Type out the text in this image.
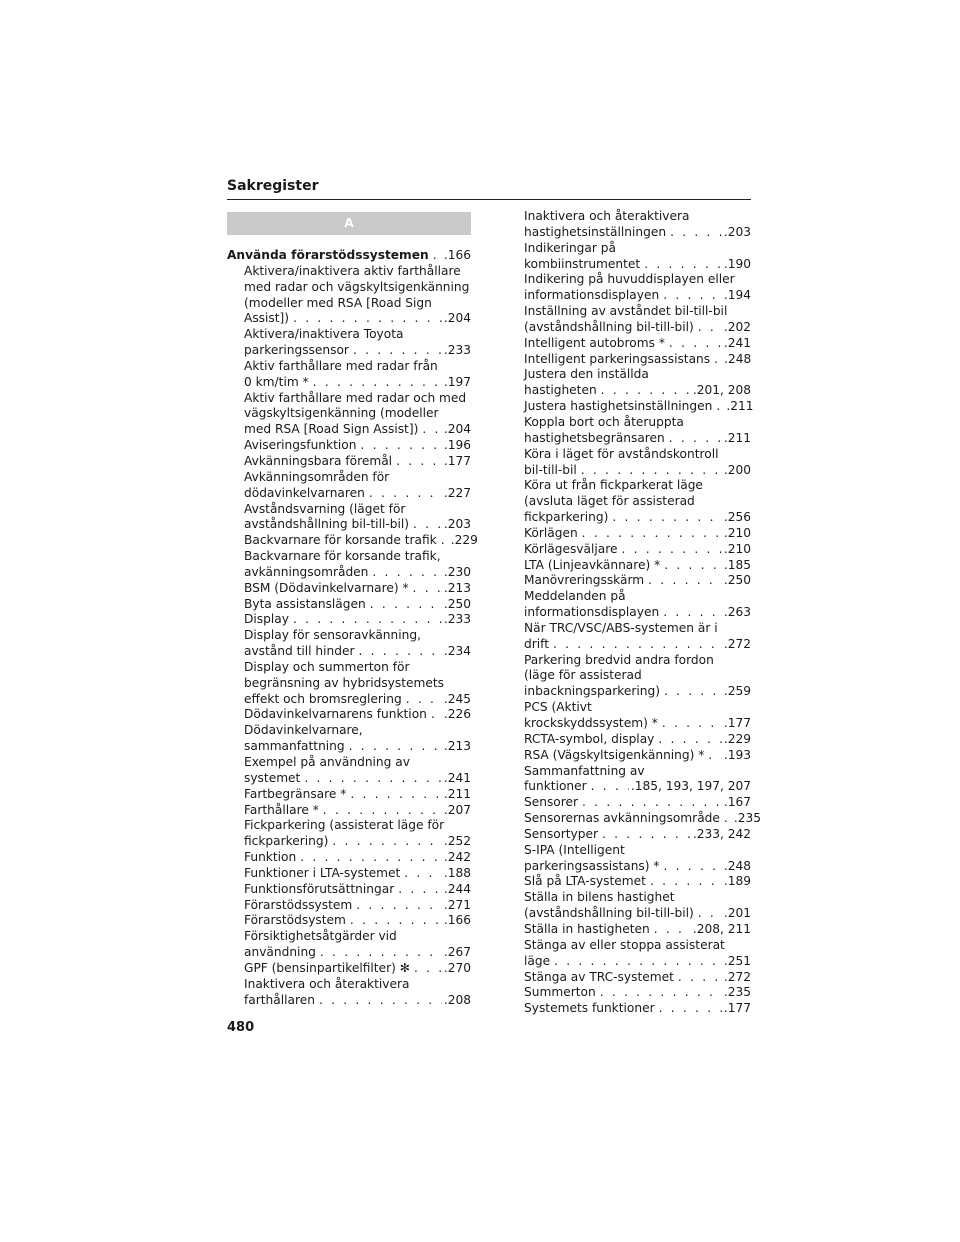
Sakregister
A
Använda förarstödssystemen . . . .166
Aktivera/inaktivera aktiv farthållare
med radar och vägskyltsigenkänning
(modeller med RSA [Road Sign
Assist]) . . .	.204
Aktivera/inaktivera Toyota
parkeringssensor . . .	.233
Aktiv farthållare med radar från
0 km/tim * . . .	.197
Aktiv farthållare med radar och med
vägskyltsigenkänning (modeller
med RSA [Road Sign Assist]) . . . .204
Aviseringsfunktion . . .	.196
Avkänningsbara föremål . . .	.177
Avkänningsområden för
dödavinkelvarnaren . . .	.227
Avståndsvarning (läget för
avståndshållning bil-till-bil) . . .	.203
Backvarnare för korsande trafik . . . .229
Backvarnare för korsande trafik,
avkänningsområden . . .	.230
BSM (Dödavinkelvarnare) * . . .	.213
Byta assistanslägen . . .	.250
Display . . .	.233
Display för sensoravkänning,
avstånd till hinder . . .	.234
Display och summerton för
begränsning av hybridsystemets
effekt och bromsreglering . . .	.245
Dödavinkelvarnarens funktion . . . .226
Dödavinkelvarnare,
sammanfattning . . .	.213
Exempel på användning av
systemet . . .	.241
Fartbegränsare * . . .	.211
Farthållare * . . .	.207
Fickparkering (assisterat läge för
fickparkering) . . .	.252
Funktion . . .	.242
Funktioner i LTA-systemet . . .	.188
Funktionsförutsättningar . . .	.244
Förarstödssystem . . .	.271
Förarstödsystem . . .	.166
Försiktighetsåtgärder vid
användning . . .	.267
GPF (bensinpartikelfilter) ✻ . . .	.270
Inaktivera och återaktivera
farthållaren . . .	.208
Inaktivera och återaktivera
hastighetsinställningen . . .	.203
Indikeringar på
kombiinstrumentet . . .	.190
Indikering på huvuddisplayen eller
informationsdisplayen . . .	.194
Inställning av avståndet bil-till-bil
(avståndshållning bil-till-bil) . . . .202
Intelligent autobroms * . . .	.241
Intelligent parkeringsassistans . . . .248
Justera den inställda
hastigheten . . .	.201, 208
Justera hastighetsinställningen . . . .211
Koppla bort och återuppta
hastighetsbegränsaren . . .	.211
Köra i läget för avståndskontroll
bil-till-bil . . .	.200
Köra ut från fickparkerat läge
(avsluta läget för assisterad
fickparkering) . . .	.256
Körlägen . . .	.210
Körlägesväljare . . .	.210
LTA (Linjeavkännare) * . . .	.185
Manövreringsskärm . . .	.250
Meddelanden på
informationsdisplayen . . .	.263
När TRC/VSC/ABS-systemen är i
drift . . .	.272
Parkering bredvid andra fordon
(läge för assisterad
inbackningsparkering) . . .	.259
PCS (Aktivt
krockskyddssystem) * . . .	.177
RCTA-symbol, display . . .	.229
RSA (Vägskyltsigenkänning) * . . . .193
Sammanfattning av
funktioner . . .	.185, 193, 197, 207
Sensorer . . .	.167
Sensorernas avkänningsområde . . . .235
Sensortyper . . .	.233, 242
S-IPA (Intelligent
parkeringsassistans) * . . .	.248
Slå på LTA-systemet . . .	.189
Ställa in bilens hastighet
(avståndshållning bil-till-bil) . . . .201
Ställa in hastigheten . . .	.208, 211
Stänga av eller stoppa assisterat
läge . . .	.251
Stänga av TRC-systemet . . .	.272
Summerton . . .	.235
Systemets funktioner . . .	.177
480
